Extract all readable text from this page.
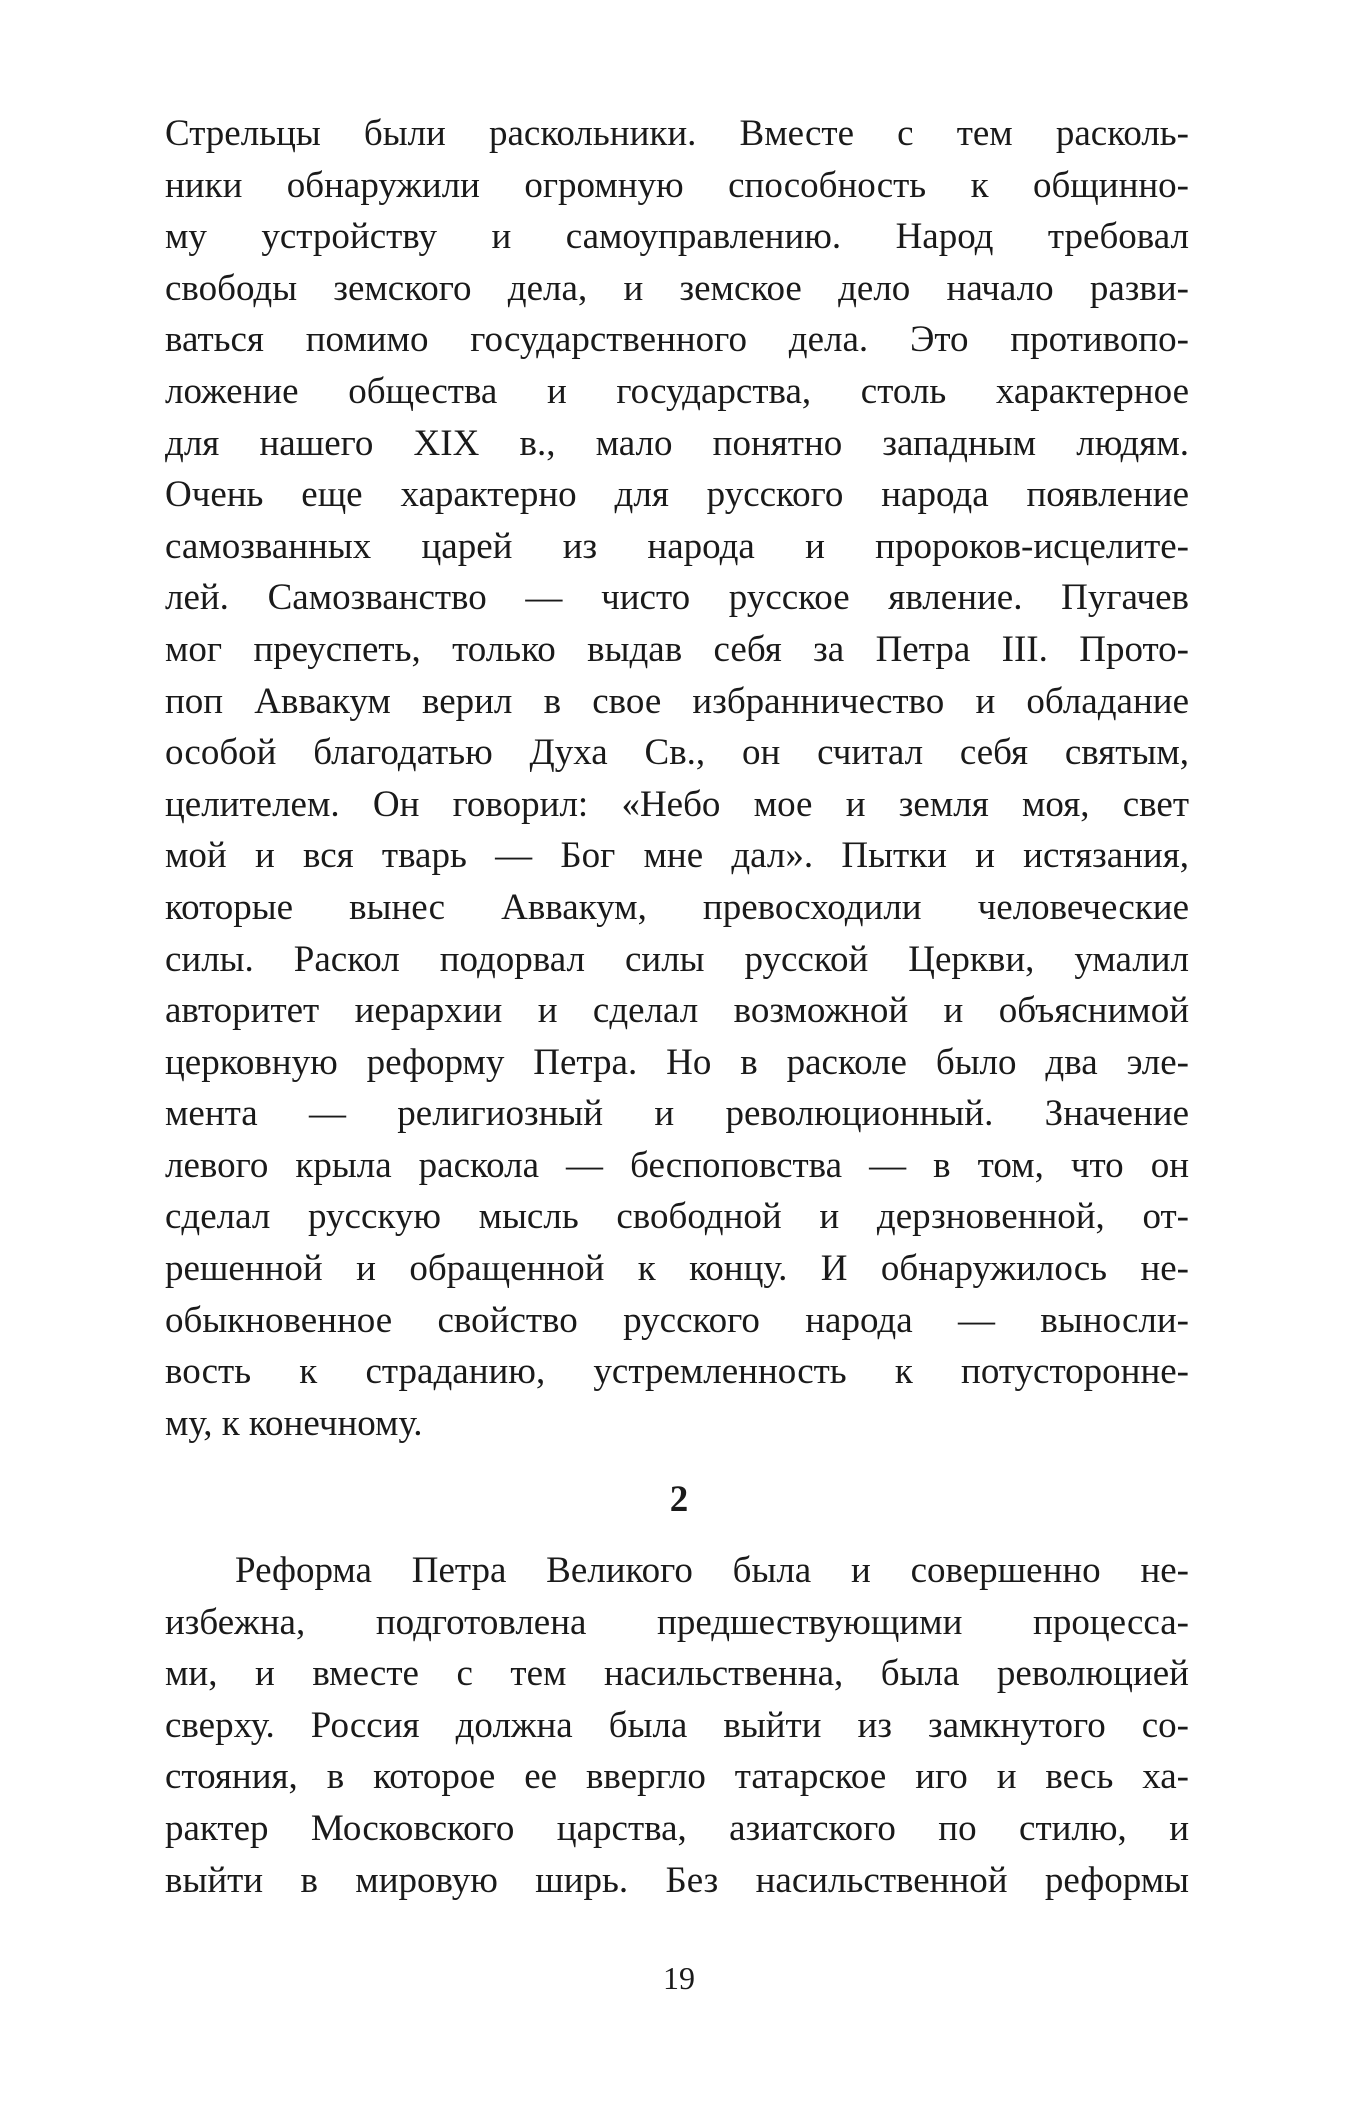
Стрельцы были раскольники. Вместе с тем расколь-
ники обнаружили огромную способность к общинно-
му устройству и самоуправлению. Народ требовал
свободы земского дела, и земское дело начало разви-
ваться помимо государственного дела. Это противопо-
ложение общества и государства, столь характерное
для нашего XIX в., мало понятно западным людям.
Очень еще характерно для русского народа появление
самозванных царей из народа и пророков-исцелите-
лей. Самозванство — чисто русское явление. Пугачев
мог преуспеть, только выдав себя за Петра III. Прото-
поп Аввакум верил в свое избранничество и обладание
особой благодатью Духа Св., он считал себя святым,
целителем. Он говорил: «Небо мое и земля моя, свет
мой и вся тварь — Бог мне дал». Пытки и истязания,
которые вынес Аввакум, превосходили человеческие
силы. Раскол подорвал силы русской Церкви, умалил
авторитет иерархии и сделал возможной и объяснимой
церковную реформу Петра. Но в расколе было два эле-
мента — религиозный и революционный. Значение
левого крыла раскола — беспоповства — в том, что он
сделал русскую мысль свободной и дерзновенной, от-
решенной и обращенной к концу. И обнаружилось не-
обыкновенное свойство русского народа — выносли-
вость к страданию, устремленность к потусторонне-
му, к конечному.
2
Реформа Петра Великого была и совершенно не-
избежна, подготовлена предшествующими процесса-
ми, и вместе с тем насильственна, была революцией
сверху. Россия должна была выйти из замкнутого со-
стояния, в которое ее ввергло татарское иго и весь ха-
рактер Московского царства, азиатского по стилю, и
выйти в мировую ширь. Без насильственной реформы
19
